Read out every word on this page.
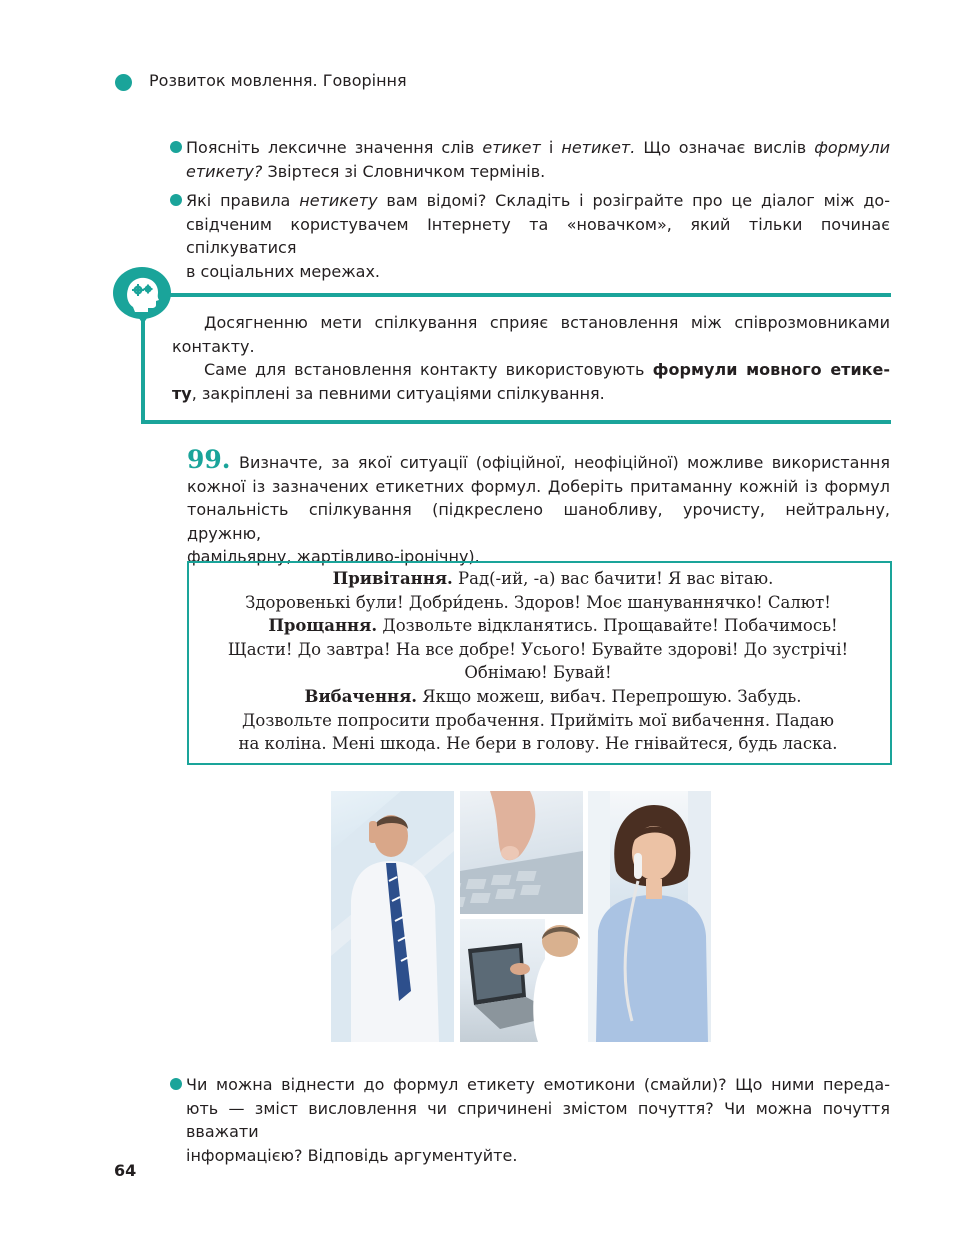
Розвиток мовлення. Говоріння
Поясніть лексичне значення слів етикет і нетикет. Що означає вислів формули
етикету? Звіртеся зі Словничком термінів.
Які правила нетикету вам відомі? Складіть і розіграйте про це діалог між до-
свідченим користувачем Інтернету та «новачком», який тільки починає спілкуватися
в соціальних мережах.
Досягненню мети спілкування сприяє встановлення між співрозмовниками
контакту.
Саме для встановлення контакту використовують формули мовного етике-
ту, закріплені за певними ситуаціями спілкування.
99. Визначте, за якої ситуації (офіційної, неофіційної) можливе використання
кожної із зазначених етикетних формул. Доберіть притаманну кожній із формул
тональність спілкування (підкреслено шанобливу, урочисту, нейтральну, дружню,
фамільярну, жартівливо-іронічну).
Привітання. Рад(-ий, -а) вас бачити! Я вас вітаю.
Здоровенькі були! Добри́день. Здоров! Моє шануваннячко! Салют!
Прощання. Дозвольте відкланятись. Прощавайте! Побачимось!
Щасти! До завтра! На все добре! Усього! Бувайте здорові! До зустрічі!
Обнімаю! Бувай!
Вибачення. Якщо можеш, вибач. Перепрошую. Забудь.
Дозвольте попросити пробачення. Прийміть мої вибачення. Падаю
на коліна. Мені шкода. Не бери в голову. Не гнівайтеся, будь ласка.
Чи можна віднести до формул етикету емотикони (смайли)? Що ними переда-
ють — зміст висловлення чи спричинені змістом почуття? Чи можна почуття вважати
інформацією? Відповідь аргументуйте.
64
